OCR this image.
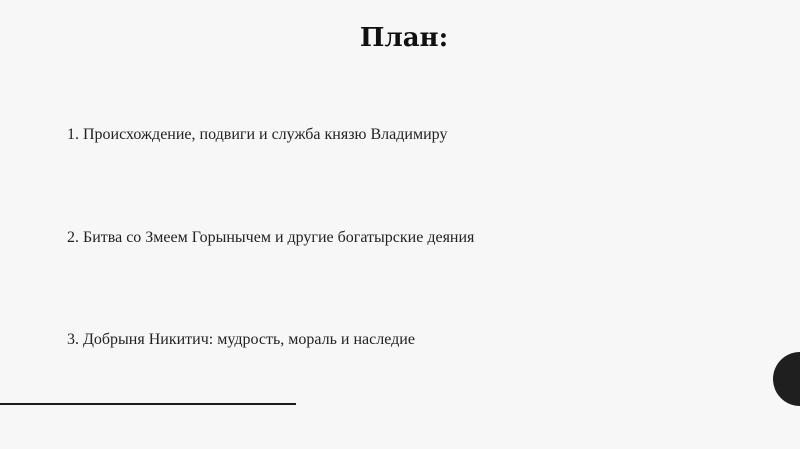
План:
1. Происхождение, подвиги и служба князю Владимиру
2. Битва со Змеем Горынычем и другие богатырские деяния
3. Добрыня Никитич: мудрость, мораль и наследие
